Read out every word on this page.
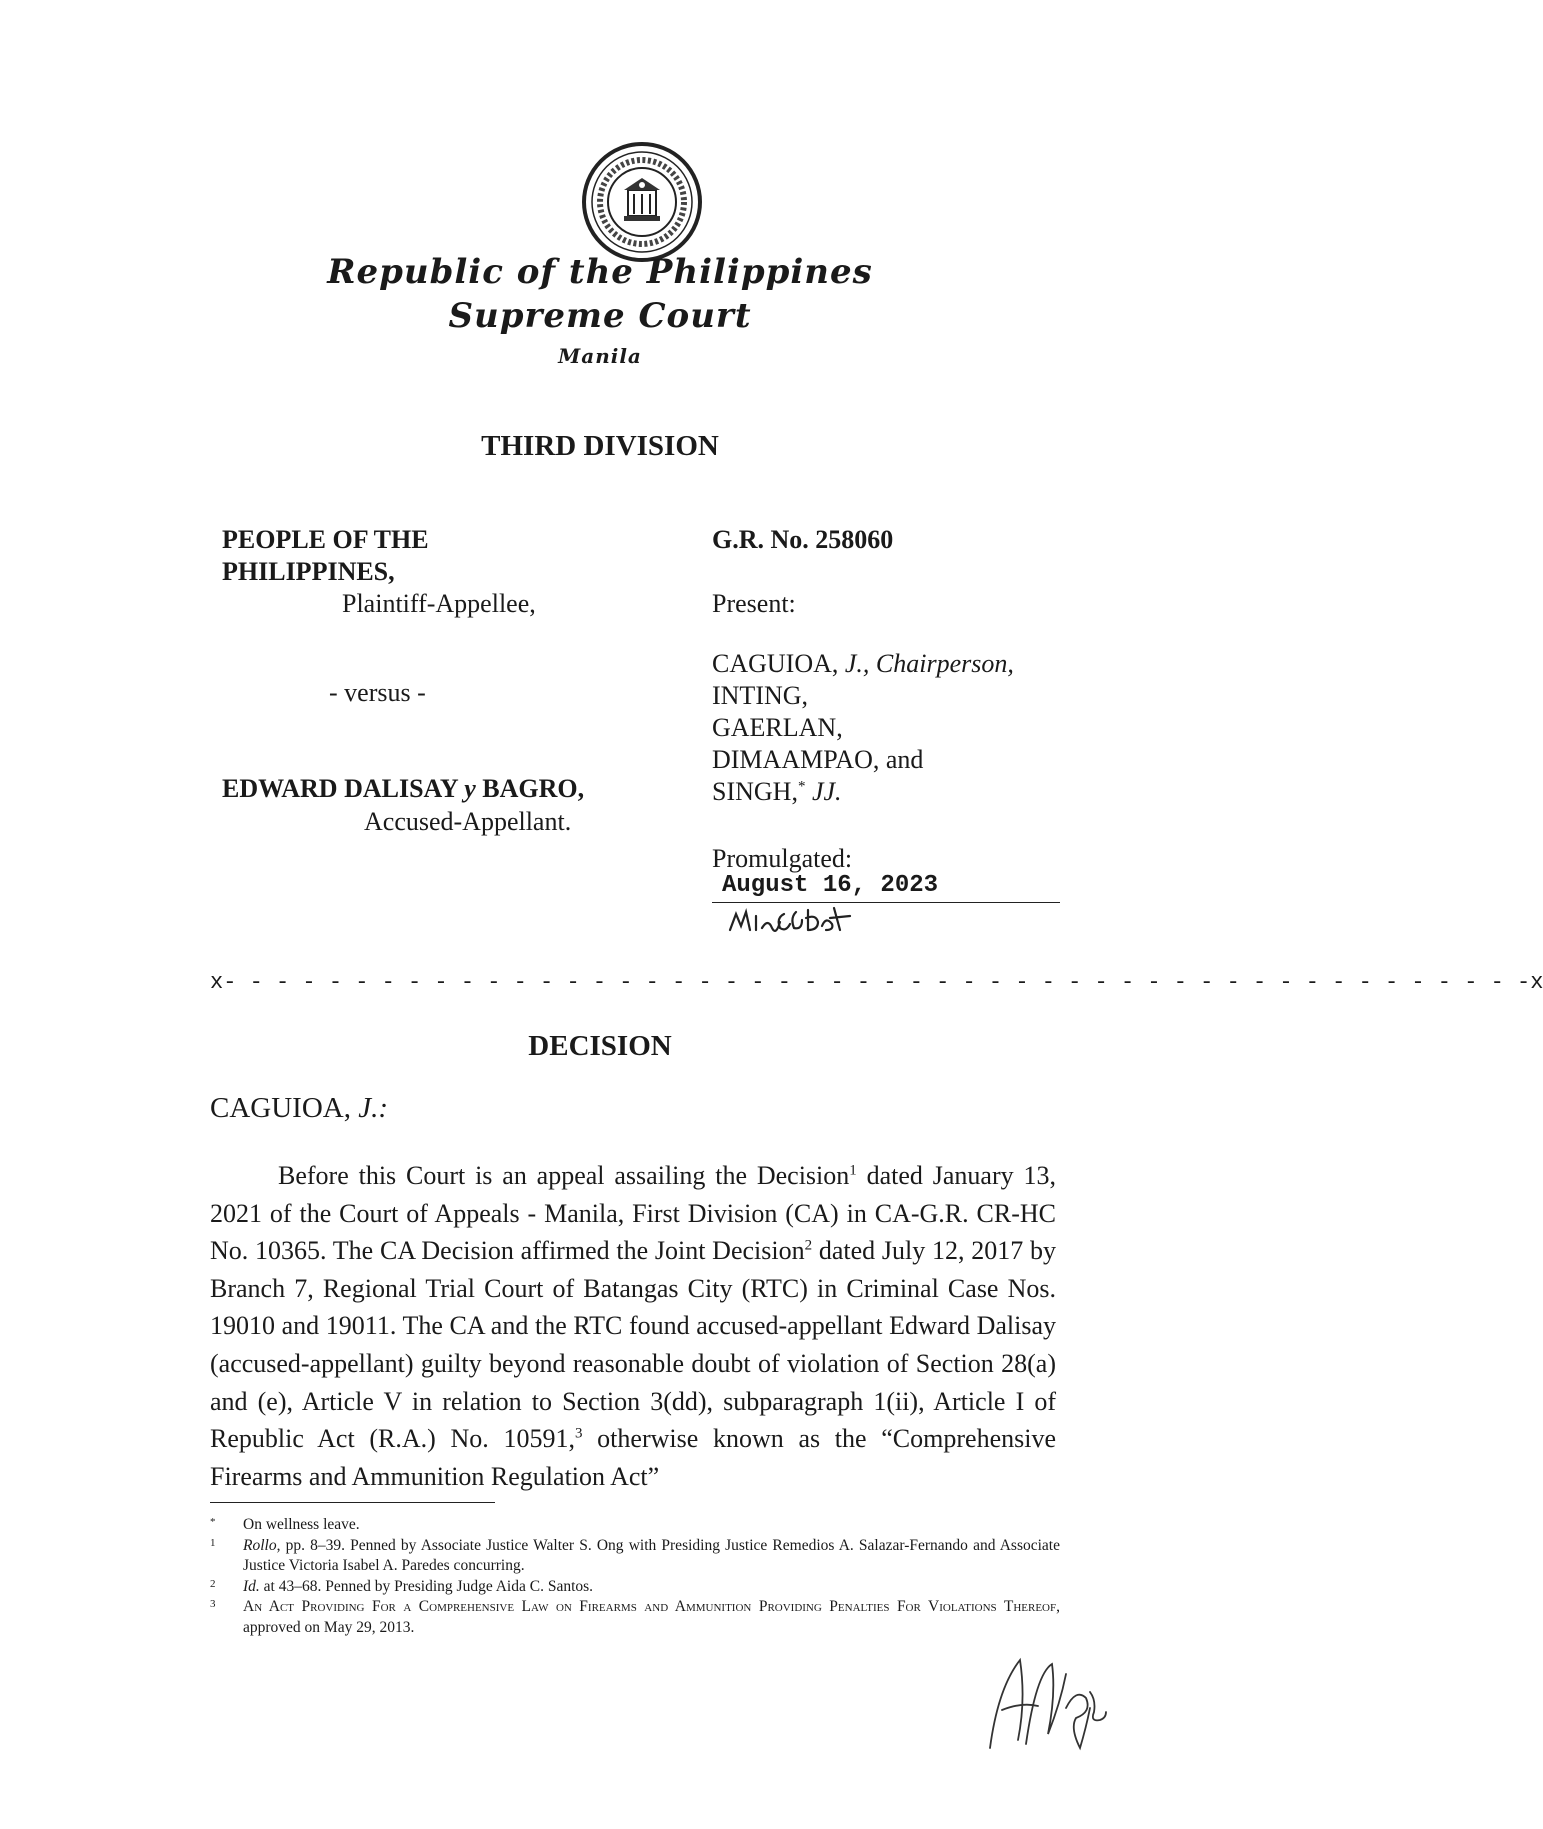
Republic of the Philippines
Supreme Court
Manila
THIRD DIVISION
PEOPLE OF THE PHILIPPINES,
Plaintiff-Appellee,
- versus -
EDWARD DALISAY y BAGRO,
Accused-Appellant.
G.R. No. 258060
Present:
CAGUIOA, J., Chairperson,
INTING,
GAERLAN,
DIMAAMPAO, and
SINGH,* JJ.
Promulgated:
August 16, 2023
x- - - - - - - - - - - - - - - - - - - - - - - - - - - - - - - - - - - - - - - - - - - - - - - - - -x
DECISION
CAGUIOA, J.:
Before this Court is an appeal assailing the Decision$^1$ dated January 13, 2021 of the Court of Appeals - Manila, First Division (CA) in CA-G.R. CR-HC No. 10365. The CA Decision affirmed the Joint Decision$^2$ dated July 12, 2017 by Branch 7, Regional Trial Court of Batangas City (RTC) in Criminal Case Nos. 19010 and 19011. The CA and the RTC found accused-appellant Edward Dalisay (accused-appellant) guilty beyond reasonable doubt of violation of Section 28(a) and (e), Article V in relation to Section 3(dd), subparagraph 1(ii), Article I of Republic Act (R.A.) No. 10591,$^3$ otherwise known as the “Comprehensive Firearms and Ammunition Regulation Act”
* On wellness leave.
1 Rollo, pp. 8–39. Penned by Associate Justice Walter S. Ong with Presiding Justice Remedios A. Salazar-Fernando and Associate Justice Victoria Isabel A. Paredes concurring.
2 Id. at 43–68. Penned by Presiding Judge Aida C. Santos.
3 An Act Providing For a Comprehensive Law on Firearms and Ammunition Providing Penalties For Violations Thereof, approved on May 29, 2013.
